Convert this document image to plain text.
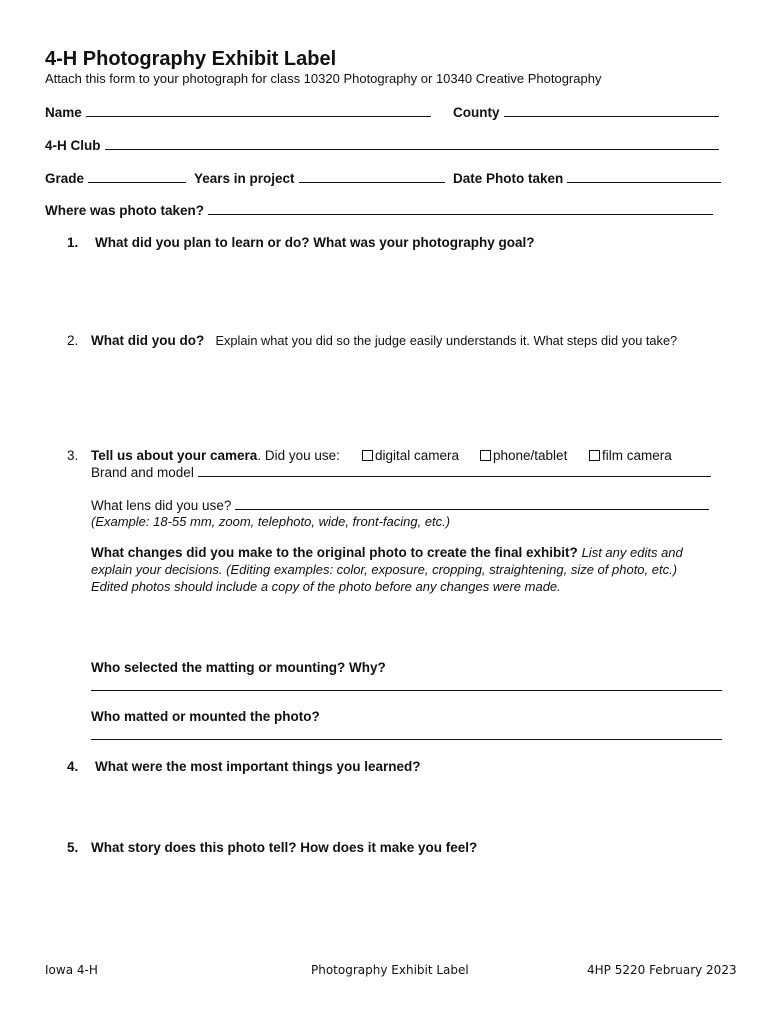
4-H Photography Exhibit Label
Attach this form to your photograph for class 10320 Photography or 10340 Creative Photography
Name	County
4-H Club
Grade	Years in project	Date Photo taken
Where was photo taken?
1. What did you plan to learn or do? What was your photography goal?
2. What did you do? Explain what you did so the judge easily understands it. What steps did you take?
3. Tell us about your camera. Did you use:	digital camera	phone/tablet	film camera
Brand and model
What lens did you use?
(Example: 18-55 mm, zoom, telephoto, wide, front-facing, etc.)
What changes did you make to the original photo to create the final exhibit? List any edits and
explain your decisions. (Editing examples: color, exposure, cropping, straightening, size of photo, etc.)
Edited photos should include a copy of the photo before any changes were made.
Who selected the matting or mounting? Why?
Who matted or mounted the photo?
4. What were the most important things you learned?
5. What story does this photo tell? How does it make you feel?
Iowa 4-H	Photography Exhibit Label	4HP 5220 February 2023
